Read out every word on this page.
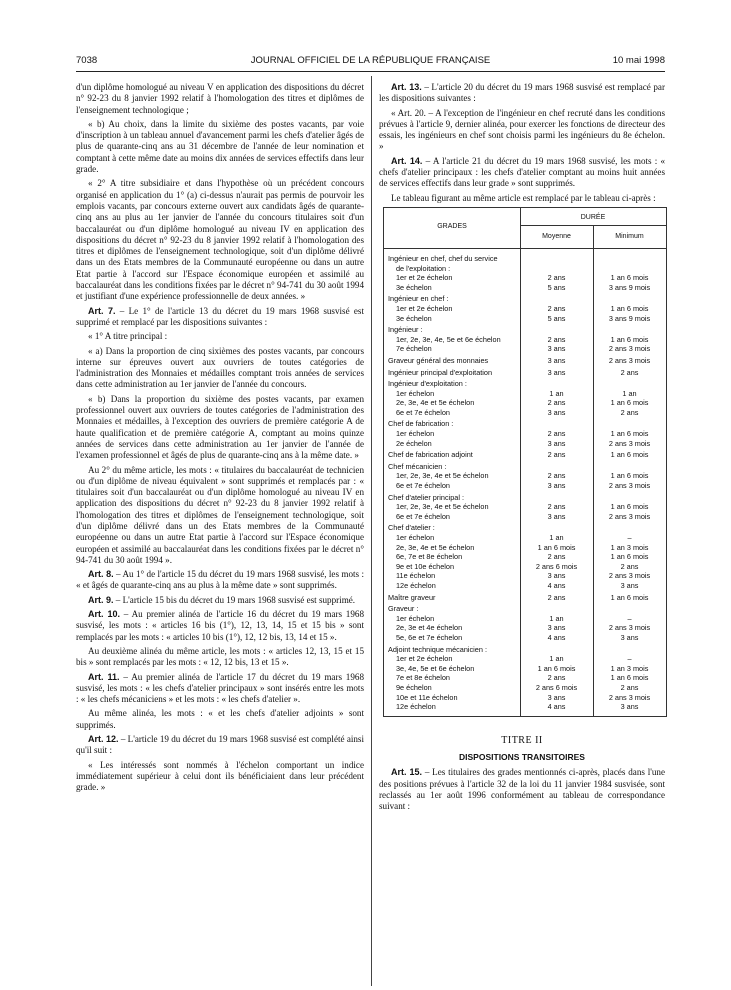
7038	JOURNAL OFFICIEL DE LA RÉPUBLIQUE FRANÇAISE	10 mai 1998

d'un diplôme homologué au niveau V en application des dispositions du décret n° 92-23 du 8 janvier 1992 relatif à l'homologation des titres et diplômes de l'enseignement technologique ;

« b) Au choix, dans la limite du sixième des postes vacants, par voie d'inscription à un tableau annuel d'avancement parmi les chefs d'atelier âgés de plus de quarante-cinq ans au 31 décembre de l'année de leur nomination et comptant à cette même date au moins dix années de services effectifs dans leur grade.

« 2° A titre subsidiaire et dans l'hypothèse où un précédent concours organisé en application du 1° (a) ci-dessus n'aurait pas permis de pourvoir les emplois vacants, par concours externe ouvert aux candidats âgés de quarante-cinq ans au plus au 1er janvier de l'année du concours titulaires soit d'un baccalauréat ou d'un diplôme homologué au niveau IV en application des dispositions du décret n° 92-23 du 8 janvier 1992 relatif à l'homologation des titres et diplômes de l'enseignement technologique, soit d'un diplôme délivré dans un des Etats membres de la Communauté européenne ou dans un autre Etat partie à l'accord sur l'Espace économique européen et assimilé au baccalauréat dans les conditions fixées par le décret n° 94-741 du 30 août 1994 et justifiant d'une expérience professionnelle de deux années. »

Art. 7. – Le 1° de l'article 13 du décret du 19 mars 1968 susvisé est supprimé et remplacé par les dispositions suivantes :

« 1° A titre principal :

« a) Dans la proportion de cinq sixièmes des postes vacants, par concours interne sur épreuves ouvert aux ouvriers de toutes catégories de l'administration des Monnaies et médailles comptant trois années de services dans cette administration au 1er janvier de l'année du concours.

« b) Dans la proportion du sixième des postes vacants, par examen professionnel ouvert aux ouvriers de toutes catégories de l'administration des Monnaies et médailles, à l'exception des ouvriers de première catégorie A de haute qualification et de première catégorie A, comptant au moins quinze années de services dans cette administration au 1er janvier de l'année de l'examen professionnel et âgés de plus de quarante-cinq ans à la même date. »

Au 2° du même article, les mots : « titulaires du baccalauréat de technicien ou d'un diplôme de niveau équivalent » sont supprimés et remplacés par : « titulaires soit d'un baccalauréat ou d'un diplôme homologué au niveau IV en application des dispositions du décret n° 92-23 du 8 janvier 1992 relatif à l'homologation des titres et diplômes de l'enseignement technologique, soit d'un diplôme délivré dans un des Etats membres de la Communauté européenne ou dans un autre Etat partie à l'accord sur l'Espace économique européen et assimilé au baccalauréat dans les conditions fixées par le décret n° 94-741 du 30 août 1994 ».

Art. 8. – Au 1° de l'article 15 du décret du 19 mars 1968 susvisé, les mots : « et âgés de quarante-cinq ans au plus à la même date » sont supprimés.

Art. 9. – L'article 15 bis du décret du 19 mars 1968 susvisé est supprimé.

Art. 10. – Au premier alinéa de l'article 16 du décret du 19 mars 1968 susvisé, les mots : « articles 16 bis (1°), 12, 13, 14, 15 et 15 bis » sont remplacés par les mots : « articles 10 bis (1°), 12, 12 bis, 13, 14 et 15 ».

Au deuxième alinéa du même article, les mots : « articles 12, 13, 15 et 15 bis » sont remplacés par les mots : « 12, 12 bis, 13 et 15 ».

Art. 11. – Au premier alinéa de l'article 17 du décret du 19 mars 1968 susvisé, les mots : « les chefs d'atelier principaux » sont insérés entre les mots : « les chefs mécaniciens » et les mots : « les chefs d'atelier ».

Au même alinéa, les mots : « et les chefs d'atelier adjoints » sont supprimés.

Art. 12. – L'article 19 du décret du 19 mars 1968 susvisé est complété ainsi qu'il suit :

« Les intéressés sont nommés à l'échelon comportant un indice immédiatement supérieur à celui dont ils bénéficiaient dans leur précédent grade. »

Art. 13. – L'article 20 du décret du 19 mars 1968 susvisé est remplacé par les dispositions suivantes :

« Art. 20. – A l'exception de l'ingénieur en chef recruté dans les conditions prévues à l'article 9, dernier alinéa, pour exercer les fonctions de directeur des essais, les ingénieurs en chef sont choisis parmi les ingénieurs du 8e échelon. »

Art. 14. – A l'article 21 du décret du 19 mars 1968 susvisé, les mots : « chefs d'atelier principaux : les chefs d'atelier comptant au moins huit années de services effectifs dans leur grade » sont supprimés.

Le tableau figurant au même article est remplacé par le tableau ci-après :

GRADES
DURÉE
Moyenne	Minimum
Ingénieur en chef, chef du service
de l'exploitation :
1er et 2e échelon	2 ans	1 an 6 mois
3e échelon	5 ans	3 ans 9 mois
Ingénieur en chef :
1er et 2e échelon	2 ans	1 an 6 mois
3e échelon	5 ans	3 ans 9 mois
Ingénieur :
1er, 2e, 3e, 4e, 5e et 6e échelon	2 ans	1 an 6 mois
7e échelon	3 ans	2 ans 3 mois
Graveur général des monnaies	3 ans	2 ans 3 mois
Ingénieur principal d'exploitation	3 ans	2 ans
Ingénieur d'exploitation :
1er échelon	1 an	1 an
2e, 3e, 4e et 5e échelon	2 ans	1 an 6 mois
6e et 7e échelon	3 ans	2 ans
Chef de fabrication :
1er échelon	2 ans	1 an 6 mois
2e échelon	3 ans	2 ans 3 mois
Chef de fabrication adjoint	2 ans	1 an 6 mois
Chef mécanicien :
1er, 2e, 3e, 4e et 5e échelon	2 ans	1 an 6 mois
6e et 7e échelon	3 ans	2 ans 3 mois
Chef d'atelier principal :
1er, 2e, 3e, 4e et 5e échelon	2 ans	1 an 6 mois
6e et 7e échelon	3 ans	2 ans 3 mois
Chef d'atelier :
1er échelon	1 an	–
2e, 3e, 4e et 5e échelon	1 an 6 mois	1 an 3 mois
6e, 7e et 8e échelon	2 ans	1 an 6 mois
9e et 10e échelon	2 ans 6 mois	2 ans
11e échelon	3 ans	2 ans 3 mois
12e échelon	4 ans	3 ans
Maître graveur	2 ans	1 an 6 mois
Graveur :
1er échelon	1 an	–
2e, 3e et 4e échelon	3 ans	2 ans 3 mois
5e, 6e et 7e échelon	4 ans	3 ans
Adjoint technique mécanicien :
1er et 2e échelon	1 an	–
3e, 4e, 5e et 6e échelon	1 an 6 mois	1 an 3 mois
7e et 8e échelon	2 ans	1 an 6 mois
9e échelon	2 ans 6 mois	2 ans
10e et 11e échelon	3 ans	2 ans 3 mois
12e échelon	4 ans	3 ans
TITRE II
DISPOSITIONS TRANSITOIRES

Art. 15. – Les titulaires des grades mentionnés ci-après, placés dans l'une des positions prévues à l'article 32 de la loi du 11 janvier 1984 susvisée, sont reclassés au 1er août 1996 conformément au tableau de correspondance suivant :
